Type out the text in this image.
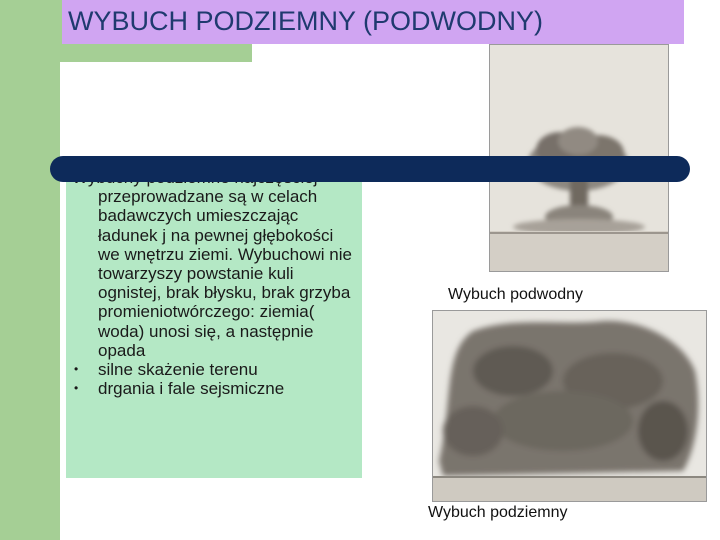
WYBUCH PODZIEMNY (PODWODNY)

Wybuch podwodny

Wybuch podziemny

przeprowadzane są w celach badawczych umieszczając ładunek j na pewnej głębokości we wnętrzu ziemi. Wybuchowi nie towarzyszy powstanie kuli ognistej, brak błysku, brak grzyba promieniotwórczego: ziemia( woda) unosi się, a następnie opada
• silne skażenie terenu
• drgania i fale sejsmiczne
